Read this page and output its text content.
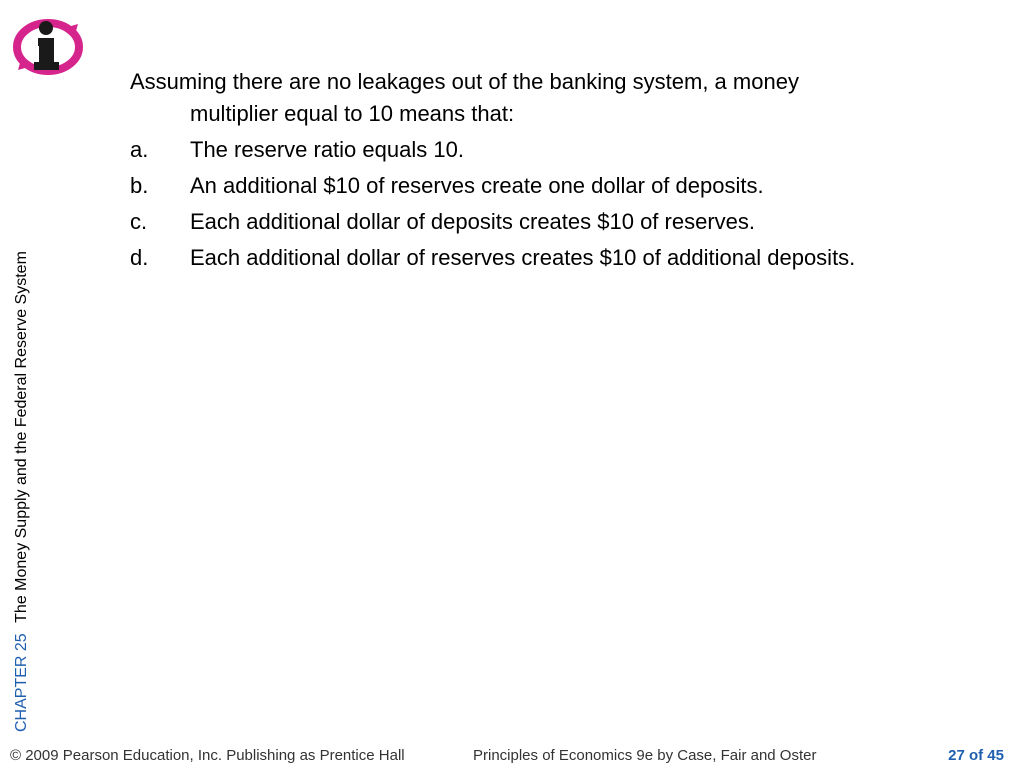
CHAPTER 25 The Money Supply and the Federal Reserve System

Assuming there are no leakages out of the banking system, a money multiplier equal to 10 means that:

a.	The reserve ratio equals 10.
b.	An additional $10 of reserves create one dollar of deposits.
c.	Each additional dollar of deposits creates $10 of reserves.
d.	Each additional dollar of reserves creates $10 of additional deposits.
© 2009 Pearson Education, Inc. Publishing as Prentice Hall	Principles of Economics 9e by Case, Fair and Oster	27 of 45
